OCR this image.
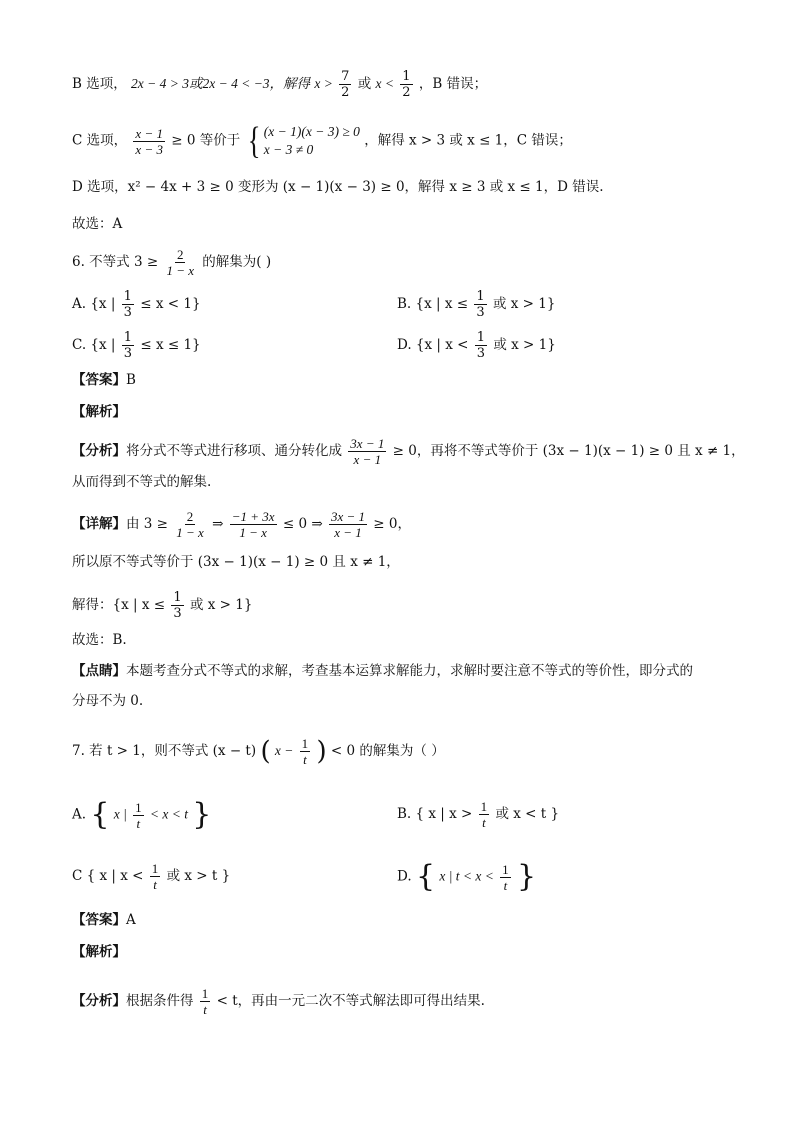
B 选项， 2x − 4 > 3或2x − 4 < −3，解得 $x > \frac{7}{2}$ 或 $x < \frac{1}{2}$ ，B 错误；
C 选项， $\frac{x - 1}{x - 3} \ge 0$ 等价于 { (x − 1)(x − 3) ≥ 0
x − 3 ≠ 0
，解得 x > 3 或 x ≤ 1，C 错误；
D 选项，x² − 4x + 3 ≥ 0 变形为 (x − 1)(x − 3) ≥ 0，解得 x ≥ 3 或 x ≤ 1，D 错误.
故选：A
6. 不等式 $3 \ge \frac{2}{1 - x}$ 的解集为( )
A. {x | $\frac{1}{3} \le x < 1$}	B. {x | $x \le \frac{1}{3}$ 或 x > 1}
C. {x | $\frac{1}{3} \le x \le 1$}	D. {x | $x < \frac{1}{3}$ 或 x > 1}
【答案】B
【解析】
【分析】将分式不等式进行移项、通分转化成 $\frac{3x - 1}{x - 1} \ge 0$，再将不等式等价于 (3x − 1)(x − 1) ≥ 0 且 x ≠ 1，
从而得到不等式的解集.
【详解】由 $3 \ge \frac{2}{1 - x}$ ⇒ $\frac{-1 + 3x}{1 - x} \le 0$ ⇒ $\frac{3x - 1}{x - 1} \ge 0$，
所以原不等式等价于 (3x − 1)(x − 1) ≥ 0 且 x ≠ 1，
解得：{x | $x \le \frac{1}{3}$ 或 x > 1}
故选：B.
【点睛】本题考查分式不等式的求解，考查基本运算求解能力，求解时要注意不等式的等价性，即分式的
分母不为 0.
7. 若 t > 1，则不等式 (x − t) ( $x - \frac{1}{t}$ ) < 0 的解集为（ ）
A. { x | $\frac{1}{t} < x < t$ }	B. { x | $x > \frac{1}{t}$ 或 x < t }
C { x | $x < \frac{1}{t}$ 或 x > t }	D. { x | $t < x < \frac{1}{t}$ }
【答案】A
【解析】
【分析】根据条件得 $\frac{1}{t} < t$，再由一元二次不等式解法即可得出结果.
